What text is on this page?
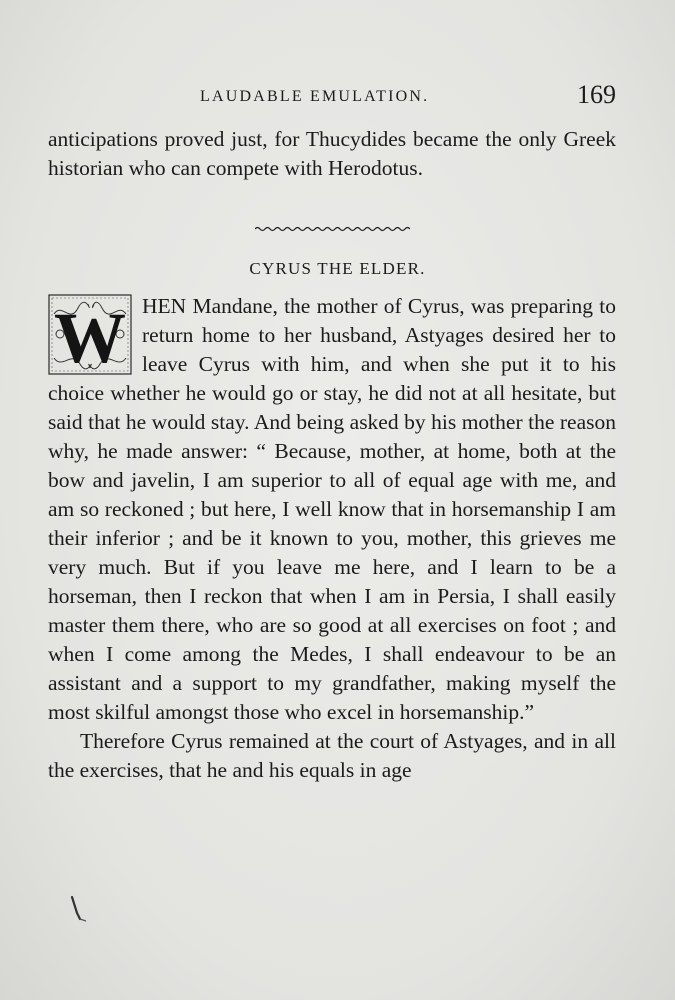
LAUDABLE EMULATION.	169

anticipations proved just, for Thucydides became the only Greek historian who can compete with Herodotus.

CYRUS THE ELDER.

W HEN Mandane, the mother of Cyrus, was preparing to return home to her husband, Astyages desired her to leave Cyrus with him, and when she put it to his choice whether he would go or stay, he did not at all hesitate, but said that he would stay. And being asked by his mother the reason why, he made answer: “ Because, mother, at home, both at the bow and javelin, I am superior to all of equal age with me, and am so reckoned ; but here, I well know that in horsemanship I am their inferior ; and be it known to you, mother, this grieves me very much. But if you leave me here, and I learn to be a horseman, then I reckon that when I am in Persia, I shall easily master them there, who are so good at all exercises on foot ; and when I come among the Medes, I shall endeavour to be an assistant and a support to my grandfather, making myself the most skilful amongst those who excel in horsemanship.”

Therefore Cyrus remained at the court of Astyages, and in all the exercises, that he and his equals in age
